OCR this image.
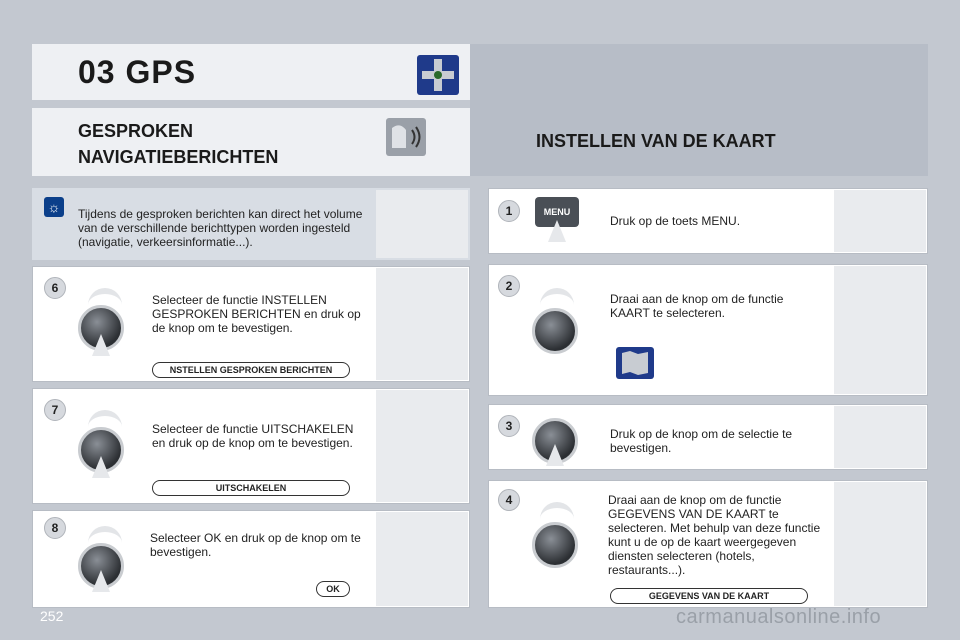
03 GPS
GESPROKEN NAVIGATIEBERICHTEN
INSTELLEN VAN DE KAART
☼ Tijdens de gesproken berichten kan direct het volume van de verschillende berichttypen worden ingesteld (navigatie, verkeersinformatie...).
6
Selecteer de functie INSTELLEN GESPROKEN BERICHTEN en druk op de knop om te bevestigen.
NSTELLEN GESPROKEN BERICHTEN
7
Selecteer de functie UITSCHAKELEN en druk op de knop om te bevestigen.
UITSCHAKELEN
8
Selecteer OK en druk op de knop om te bevestigen.
OK
1	MENU
Druk op de toets MENU.
2
Draai aan de knop om de functie KAART te selecteren.
3
Druk op de knop om de selectie te bevestigen.
4	Draai aan de knop om de functie GEGEVENS VAN DE KAART te selecteren. Met behulp van deze functie kunt u de op de kaart weergegeven diensten selecteren (hotels, restaurants...).
GEGEVENS VAN DE KAART
252	carmanualsonline.info
